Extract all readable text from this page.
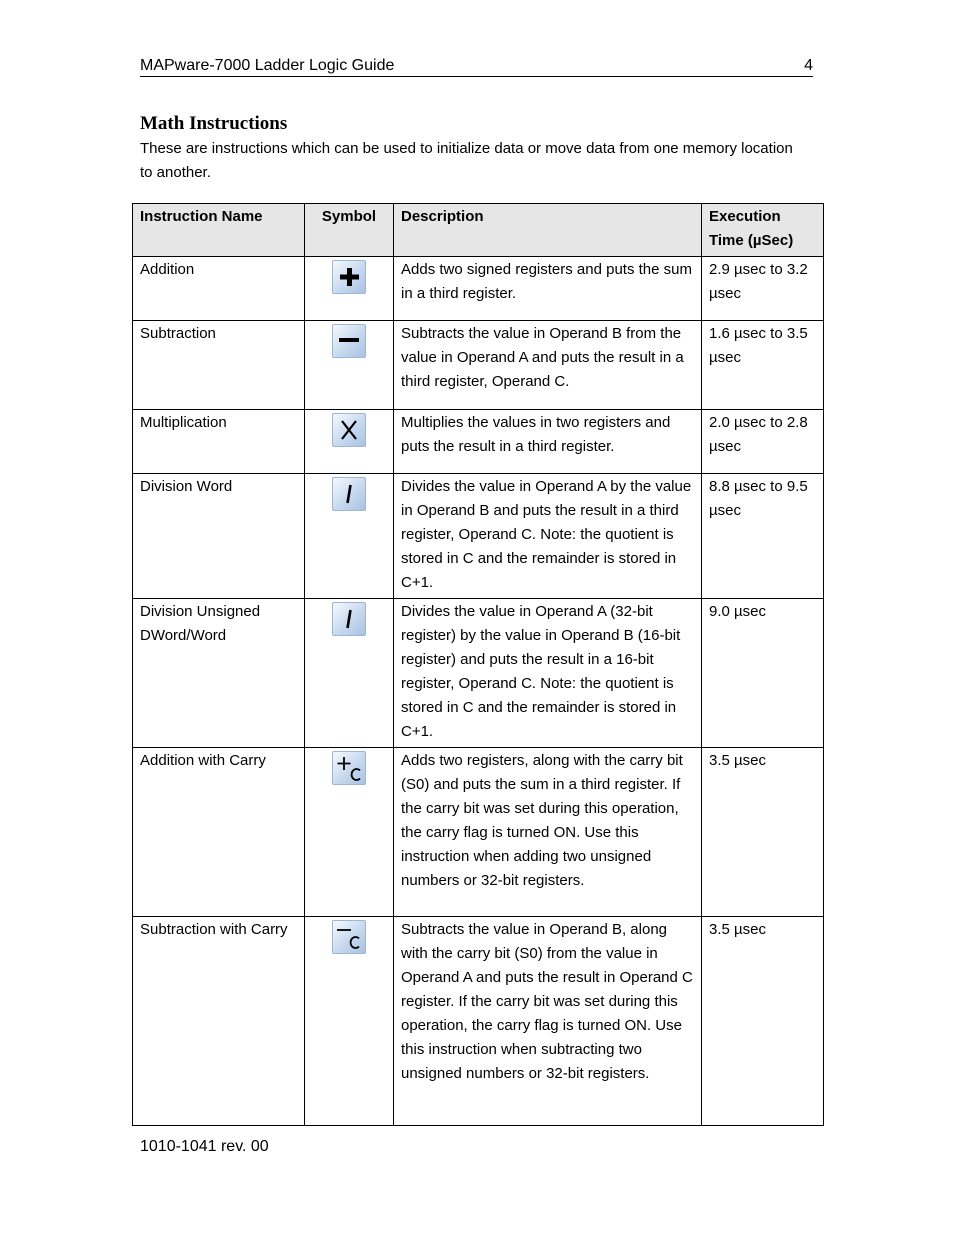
MAPware-7000 Ladder Logic Guide	4
Math Instructions

These are instructions which can be used to initialize data or move data from one memory location to another.

Instruction Name	Symbol	Description	Execution Time (µSec)
Addition		Adds two signed registers and puts the sum in a third register.	2.9 µsec to 3.2 µsec
Subtraction		Subtracts the value in Operand B from the value in Operand A and puts the result in a third register, Operand C.	1.6 µsec to 3.5 µsec
Multiplication		Multiplies the values in two registers and puts the result in a third register.	2.0 µsec to 2.8 µsec
Division Word		Divides the value in Operand A by the value in Operand B and puts the result in a third register, Operand C. Note: the quotient is stored in C and the remainder is stored in C+1.	8.8 µsec to 9.5 µsec
Division Unsigned DWord/Word		Divides the value in Operand A (32-bit register) by the value in Operand B (16-bit register) and puts the result in a 16-bit register, Operand C. Note: the quotient is stored in C and the remainder is stored in C+1.	9.0 µsec
Addition with Carry		Adds two registers, along with the carry bit (S0) and puts the sum in a third register. If the carry bit was set during this operation, the carry flag is turned ON. Use this instruction when adding two unsigned numbers or 32-bit registers.	3.5 µsec
Subtraction with Carry		Subtracts the value in Operand B, along with the carry bit (S0) from the value in Operand A and puts the result in Operand C register. If the carry bit was set during this operation, the carry flag is turned ON. Use this instruction when subtracting two unsigned numbers or 32-bit registers.	3.5 µsec
1010-1041 rev. 00
